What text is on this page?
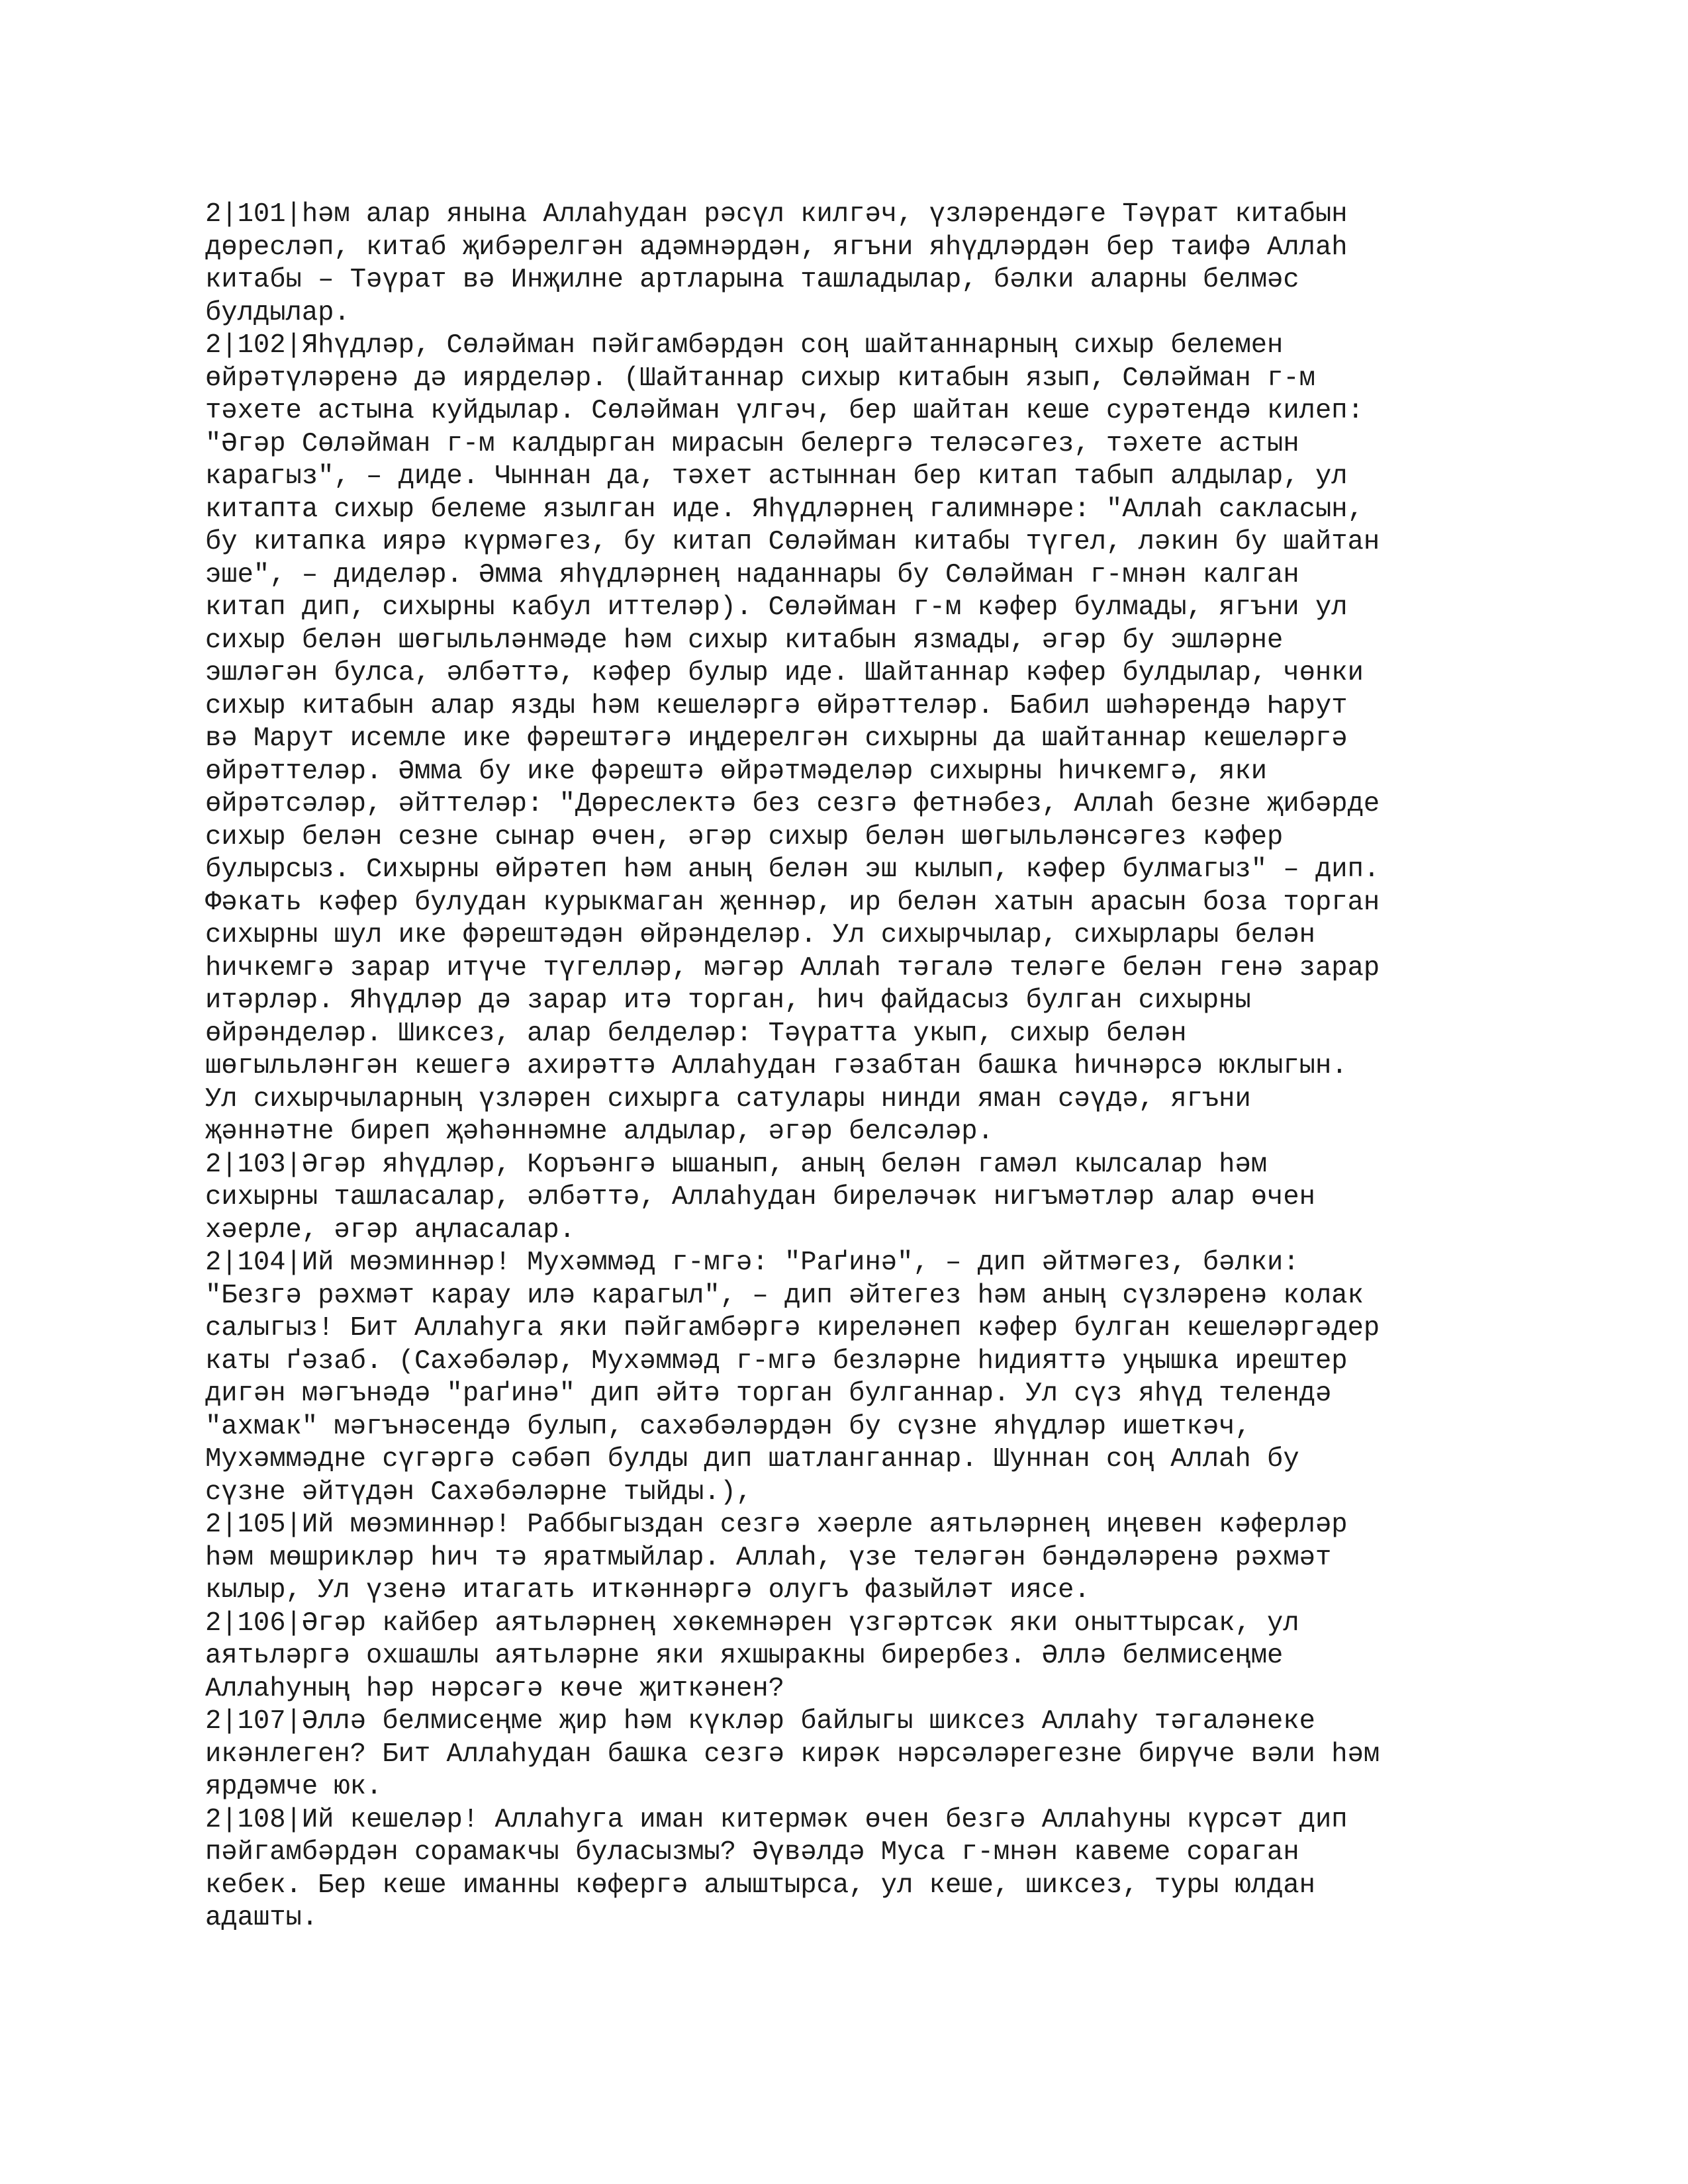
2|101|һәм алар янына Аллаһудан рәсүл килгәч, үзләрендәге Тәүрат китабын
дөресләп, китаб җибәрелгән адәмнәрдән, ягъни яһүдләрдән бер таифә Аллаһ
китабы – Тәүрат вә Инҗилне артларына ташладылар, бәлки аларны белмәс
булдылар.
2|102|Яһүдләр, Сөләйман пәйгамбәрдән соң шайтаннарның сихыр белемен
өйрәтүләренә дә иярделәр. (Шайтаннар сихыр китабын язып, Сөләйман г-м
тәхете астына куйдылар. Сөләйман үлгәч, бер шайтан кеше сурәтендә килеп:
"Әгәр Сөләйман г-м калдырган мирасын белергә теләсәгез, тәхете астын
карагыз", – диде. Чыннан да, тәхет астыннан бер китап табып алдылар, ул
китапта сихыр белеме язылган иде. Яһүдләрнең галимнәре: "Аллаһ сакласын,
бу китапка иярә күрмәгез, бу китап Сөләйман китабы түгел, ләкин бу шайтан
эше", – диделәр. Әмма яһүдләрнең наданнары бу Сөләйман г-мнән калган
китап дип, сихырны кабул иттеләр). Сөләйман г-м кәфер булмады, ягъни ул
сихыр белән шөгыльләнмәде һәм сихыр китабын язмады, әгәр бу эшләрне
эшләгән булса, әлбәттә, кәфер булыр иде. Шайтаннар кәфер булдылар, чөнки
сихыр китабын алар язды һәм кешеләргә өйрәттеләр. Бабил шәһәрендә Һарут
вә Марут исемле ике фәрештәгә иңдерелгән сихырны да шайтаннар кешеләргә
өйрәттеләр. Әмма бу ике фәрештә өйрәтмәделәр сихырны һичкемгә, яки
өйрәтсәләр, әйттеләр: "Дөреслектә без сезгә фетнәбез, Аллаһ безне җибәрде
сихыр белән сезне сынар өчен, әгәр сихыр белән шөгыльләнсәгез кәфер
булырсыз. Сихырны өйрәтеп һәм аның белән эш кылып, кәфер булмагыз" – дип.
Фәкать кәфер булудан курыкмаган җеннәр, ир белән хатын арасын боза торган
сихырны шул ике фәрештәдән өйрәнделәр. Ул сихырчылар, сихырлары белән
һичкемгә зарар итүче түгелләр, мәгәр Аллаһ тәгалә теләге белән генә зарар
итәрләр. Яһүдләр дә зарар итә торган, һич файдасыз булган сихырны
өйрәнделәр. Шиксез, алар белделәр: Тәүратта укып, сихыр белән
шөгыльләнгән кешегә ахирәттә Аллаһудан гәзабтан башка һичнәрсә юклыгын.
Ул сихырчыларның үзләрен сихырга сатулары нинди яман сәүдә, ягъни
җәннәтне биреп җәһәннәмне алдылар, әгәр белсәләр.
2|103|Әгәр яһүдләр, Коръәнгә ышанып, аның белән гамәл кылсалар һәм
сихырны ташласалар, әлбәттә, Аллаһудан биреләчәк нигъмәтләр алар өчен
хәерле, әгәр аңласалар.
2|104|Ий мөэминнәр! Мухәммәд г-мгә: "Раґинә", – дип әйтмәгез, бәлки:
"Безгә рәхмәт карау илә карагыл", – дип әйтегез һәм аның сүзләренә колак
салыгыз! Бит Аллаһуга яки пәйгамбәргә киреләнеп кәфер булган кешеләргәдер
каты ґәзаб. (Сахәбәләр, Мухәммәд г-мгә безләрне һидияттә уңышка ирештер
дигән мәгънәдә "раґинә" дип әйтә торган булганнар. Ул сүз яһүд телендә
"ахмак" мәгънәсендә булып, сахәбәләрдән бу сүзне яһүдләр ишеткәч,
Мухәммәдне сүгәргә сәбәп булды дип шатланганнар. Шуннан соң Аллаһ бу
сүзне әйтүдән Сахәбәләрне тыйды.),
2|105|Ий мөэминнәр! Раббыгыздан сезгә хәерле аятьләрнең иңевен кәферләр
һәм мөшрикләр һич тә яратмыйлар. Аллаһ, үзе теләгән бәндәләренә рәхмәт
кылыр, Ул үзенә итагать иткәннәргә олугъ фазыйләт иясе.
2|106|Әгәр кайбер аятьләрнең хөкемнәрен үзгәртсәк яки оныттырсак, ул
аятьләргә охшашлы аятьләрне яки яхшыракны бирербез. Әллә белмисеңме
Аллаһуның һәр нәрсәгә көче җиткәнен?
2|107|Әллә белмисеңме җир һәм күкләр байлыгы шиксез Аллаһу тәгаләнеке
икәнлеген? Бит Аллаһудан башка сезгә кирәк нәрсәләрегезне бирүче вәли һәм
ярдәмче юк.
2|108|Ий кешеләр! Аллаһуга иман китермәк өчен безгә Аллаһуны күрсәт дип
пәйгамбәрдән сорамакчы буласызмы? Әүвәлдә Муса г-мнән кавеме сораган
кебек. Бер кеше иманны көфергә алыштырса, ул кеше, шиксез, туры юлдан
адашты.
